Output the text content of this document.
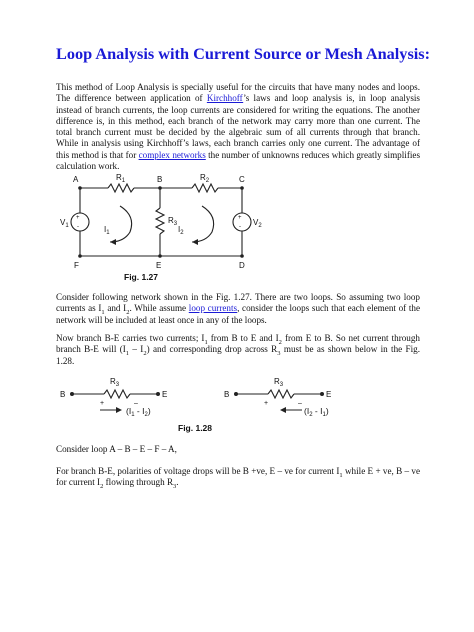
Loop Analysis with Current Source or Mesh Analysis:

This method of Loop Analysis is specially useful for the circuits that have many nodes and loops. The difference between application of Kirchhoff’s laws and loop analysis is, in loop analysis instead of branch currents, the loop currents are considered for writing the equations. The another difference is, in this method, each branch of the network may carry more than one current. The total branch current must be decided by the algebraic sum of all currents through that branch. While in analysis using Kirchhoff’s laws, each branch carries only one current. The advantage of this method is that for complex networks the number of unknowns reduces which greatly simplifies calculation work.

A	B	C
F	E	D
$R_1$	$R_2$
$R_3$
$V_1$	$V_2$
+
-
+
-
$I_1$	$I_2$
Fig. 1.27

Consider following network shown in the Fig. 1.27. There are two loops. So assuming two loop currents as $I_1$ and $I_2$. While assume loop currents, consider the loops such that each element of the network will be included at least once in any of the loops.

Now branch B-E carries two currents; $I_1$ from B to E and $I_2$ from E to B. So net current through branch B-E will $(I_1 - I_2)$ and corresponding drop across $R_3$ must be as shown below in the Fig. 1.28.

B	E
$R_3$
+	–
$(I_1 - I_2)$
B	E
$R_3$
+	–
$(I_2 - I_1)$
Fig. 1.28

Consider loop A – B – E – F – A,

For branch B-E, polarities of voltage drops will be B +ve, E – ve for current $I_1$ while E + ve, B – ve for current $I_2$ flowing through $R_3$.
